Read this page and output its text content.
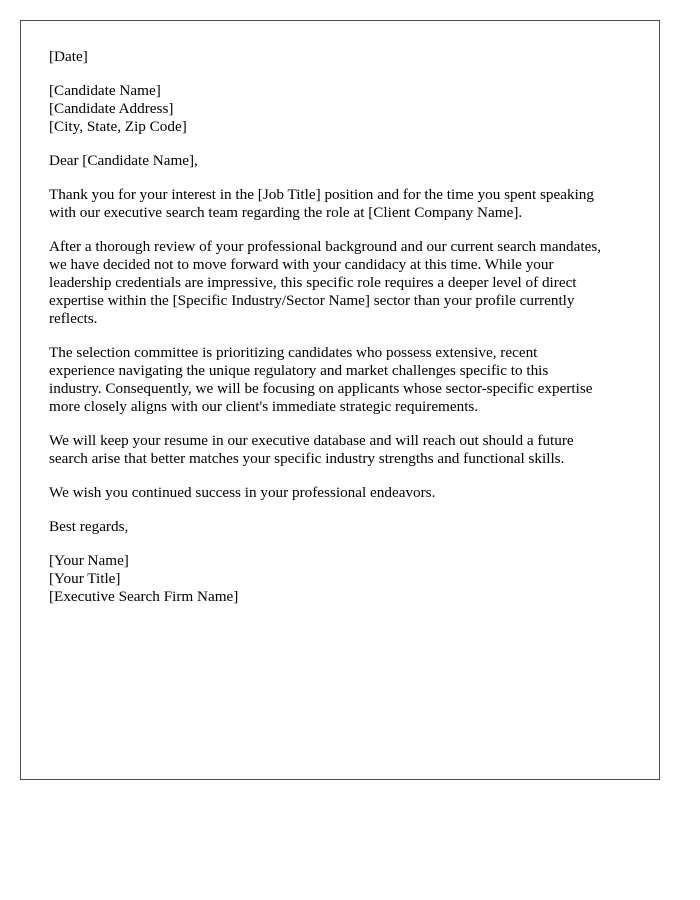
[Date]
[Candidate Name]
[Candidate Address]
[City, State, Zip Code]
Dear [Candidate Name],

Thank you for your interest in the [Job Title] position and for the time you spent speaking
with our executive search team regarding the role at [Client Company Name].

After a thorough review of your professional background and our current search mandates,
we have decided not to move forward with your candidacy at this time. While your
leadership credentials are impressive, this specific role requires a deeper level of direct
expertise within the [Specific Industry/Sector Name] sector than your profile currently
reflects.

The selection committee is prioritizing candidates who possess extensive, recent
experience navigating the unique regulatory and market challenges specific to this
industry. Consequently, we will be focusing on applicants whose sector-specific expertise
more closely aligns with our client's immediate strategic requirements.

We will keep your resume in our executive database and will reach out should a future
search arise that better matches your specific industry strengths and functional skills.

We wish you continued success in your professional endeavors.

Best regards,
[Your Name]
[Your Title]
[Executive Search Firm Name]
